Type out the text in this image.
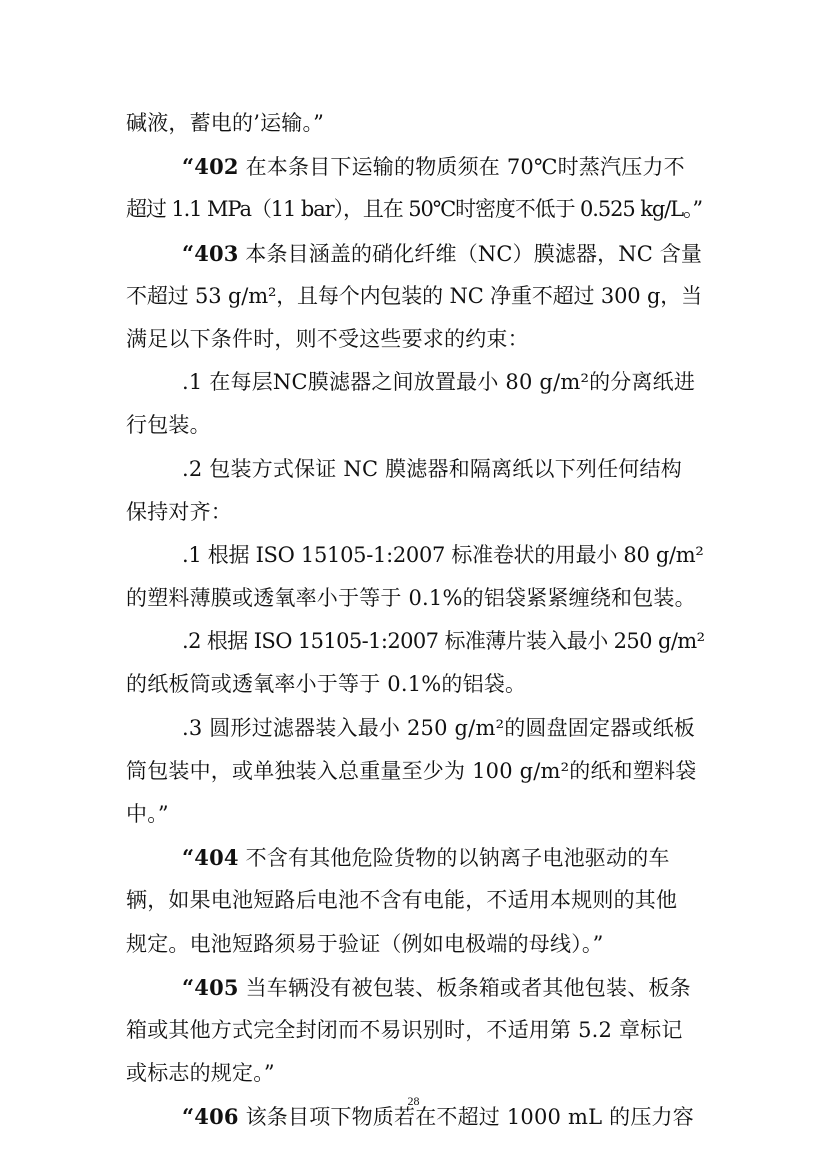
碱液，蓄电的’运输。”
“402 在本条目下运输的物质须在 70℃时蒸汽压力不
超过 1.1 MPa（11 bar），且在 50℃时密度不低于 0.525 kg/L。”
“403 本条目涵盖的硝化纤维（NC）膜滤器，NC 含量
不超过 53 g/m²，且每个内包装的 NC 净重不超过 300 g，当
满足以下条件时，则不受这些要求的约束：
.1 在每层NC膜滤器之间放置最小 80 g/m²的分离纸进
行包装。
.2 包装方式保证 NC 膜滤器和隔离纸以下列任何结构
保持对齐：
.1 根据 ISO 15105-1:2007 标准卷状的用最小 80 g/m²
的塑料薄膜或透氧率小于等于 0.1%的铝袋紧紧缠绕和包装。
.2 根据 ISO 15105-1:2007 标准薄片装入最小 250 g/m²
的纸板筒或透氧率小于等于 0.1%的铝袋。
.3 圆形过滤器装入最小 250 g/m²的圆盘固定器或纸板
筒包装中，或单独装入总重量至少为 100 g/m²的纸和塑料袋
中。”
“404 不含有其他危险货物的以钠离子电池驱动的车
辆，如果电池短路后电池不含有电能，不适用本规则的其他
规定。电池短路须易于验证（例如电极端的母线）。”
“405 当车辆没有被包装、板条箱或者其他包装、板条
箱或其他方式完全封闭而不易识别时，不适用第 5.2 章标记
或标志的规定。”
“406 该条目项下物质若在不超过 1000 mL 的压力容
28
